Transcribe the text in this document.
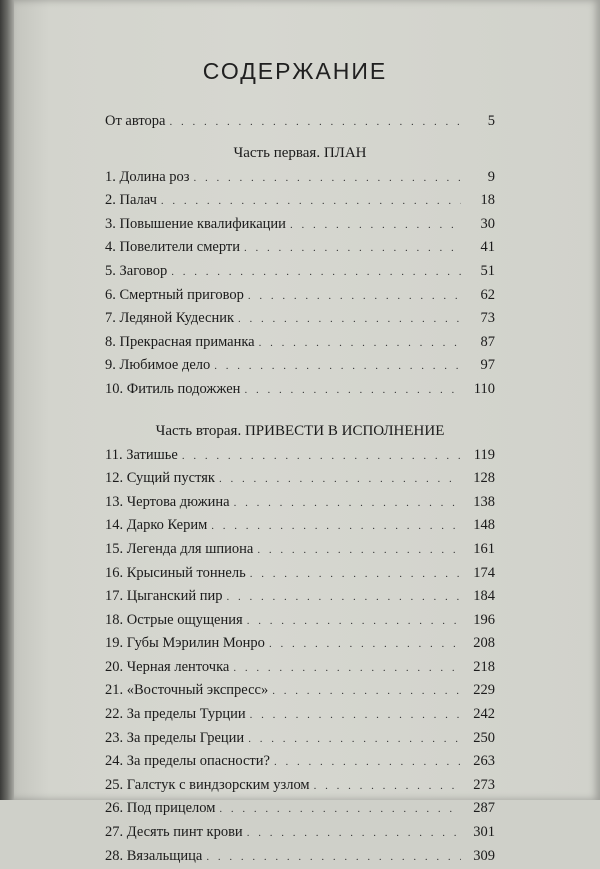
СОДЕРЖАНИЕ
От автора . . .	5
Часть первая. ПЛАН
1. Долина роз . . .	9
2. Палач . . .	18
3. Повышение квалификации . . .	30
4. Повелители смерти . . .	41
5. Заговор . . .	51
6. Смертный приговор . . .	62
7. Ледяной Кудесник . . .	73
8. Прекрасная приманка . . .	87
9. Любимое дело . . .	97
10. Фитиль подожжен . . .	110
Часть вторая. ПРИВЕСТИ В ИСПОЛНЕНИЕ
11. Затишье . . .	119
12. Сущий пустяк . . .	128
13. Чертова дюжина . . .	138
14. Дарко Керим . . .	148
15. Легенда для шпиона . . .	161
16. Крысиный тоннель . . .	174
17. Цыганский пир . . .	184
18. Острые ощущения . . .	196
19. Губы Мэрилин Монро . . .	208
20. Черная ленточка . . .	218
21. «Восточный экспресс» . . .	229
22. За пределы Турции . . .	242
23. За пределы Греции . . .	250
24. За пределы опасности? . . .	263
25. Галстук с виндзорским узлом . . .	273
26. Под прицелом . . .	287
27. Десять пинт крови . . .	301
28. Вязальщица . . .	309
